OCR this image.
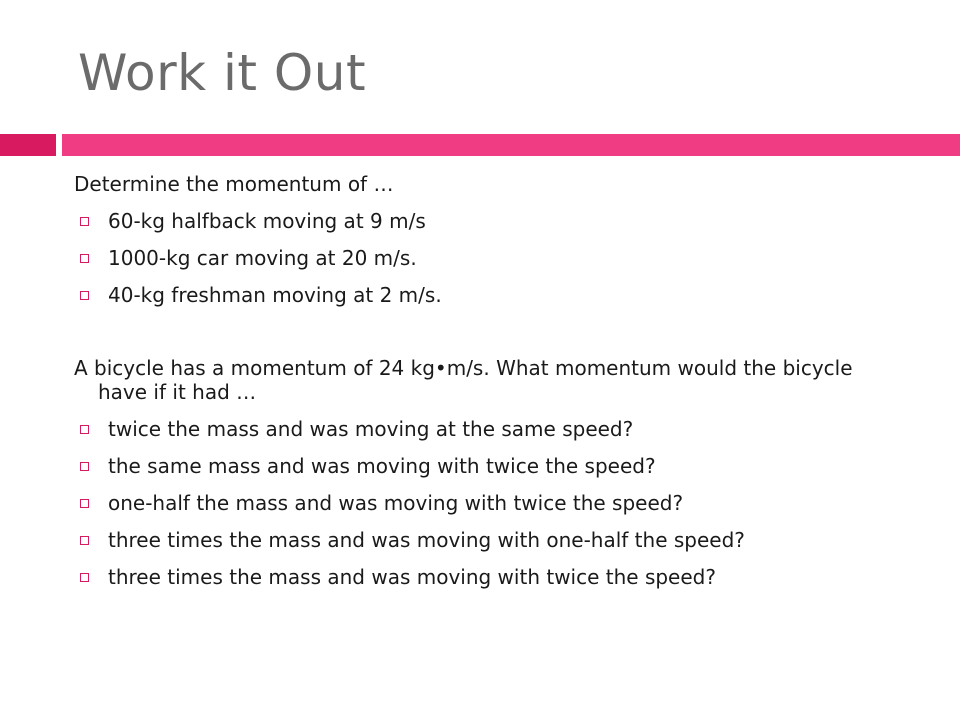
Work it Out
Determine the momentum of …
60-kg halfback moving at 9 m/s
1000-kg car moving at 20 m/s.
40-kg freshman moving at 2 m/s.
A bicycle has a momentum of 24 kg•m/s. What momentum would the bicycle have if it had …
twice the mass and was moving at the same speed?
the same mass and was moving with twice the speed?
one-half the mass and was moving with twice the speed?
three times the mass and was moving with one-half the speed?
three times the mass and was moving with twice the speed?
